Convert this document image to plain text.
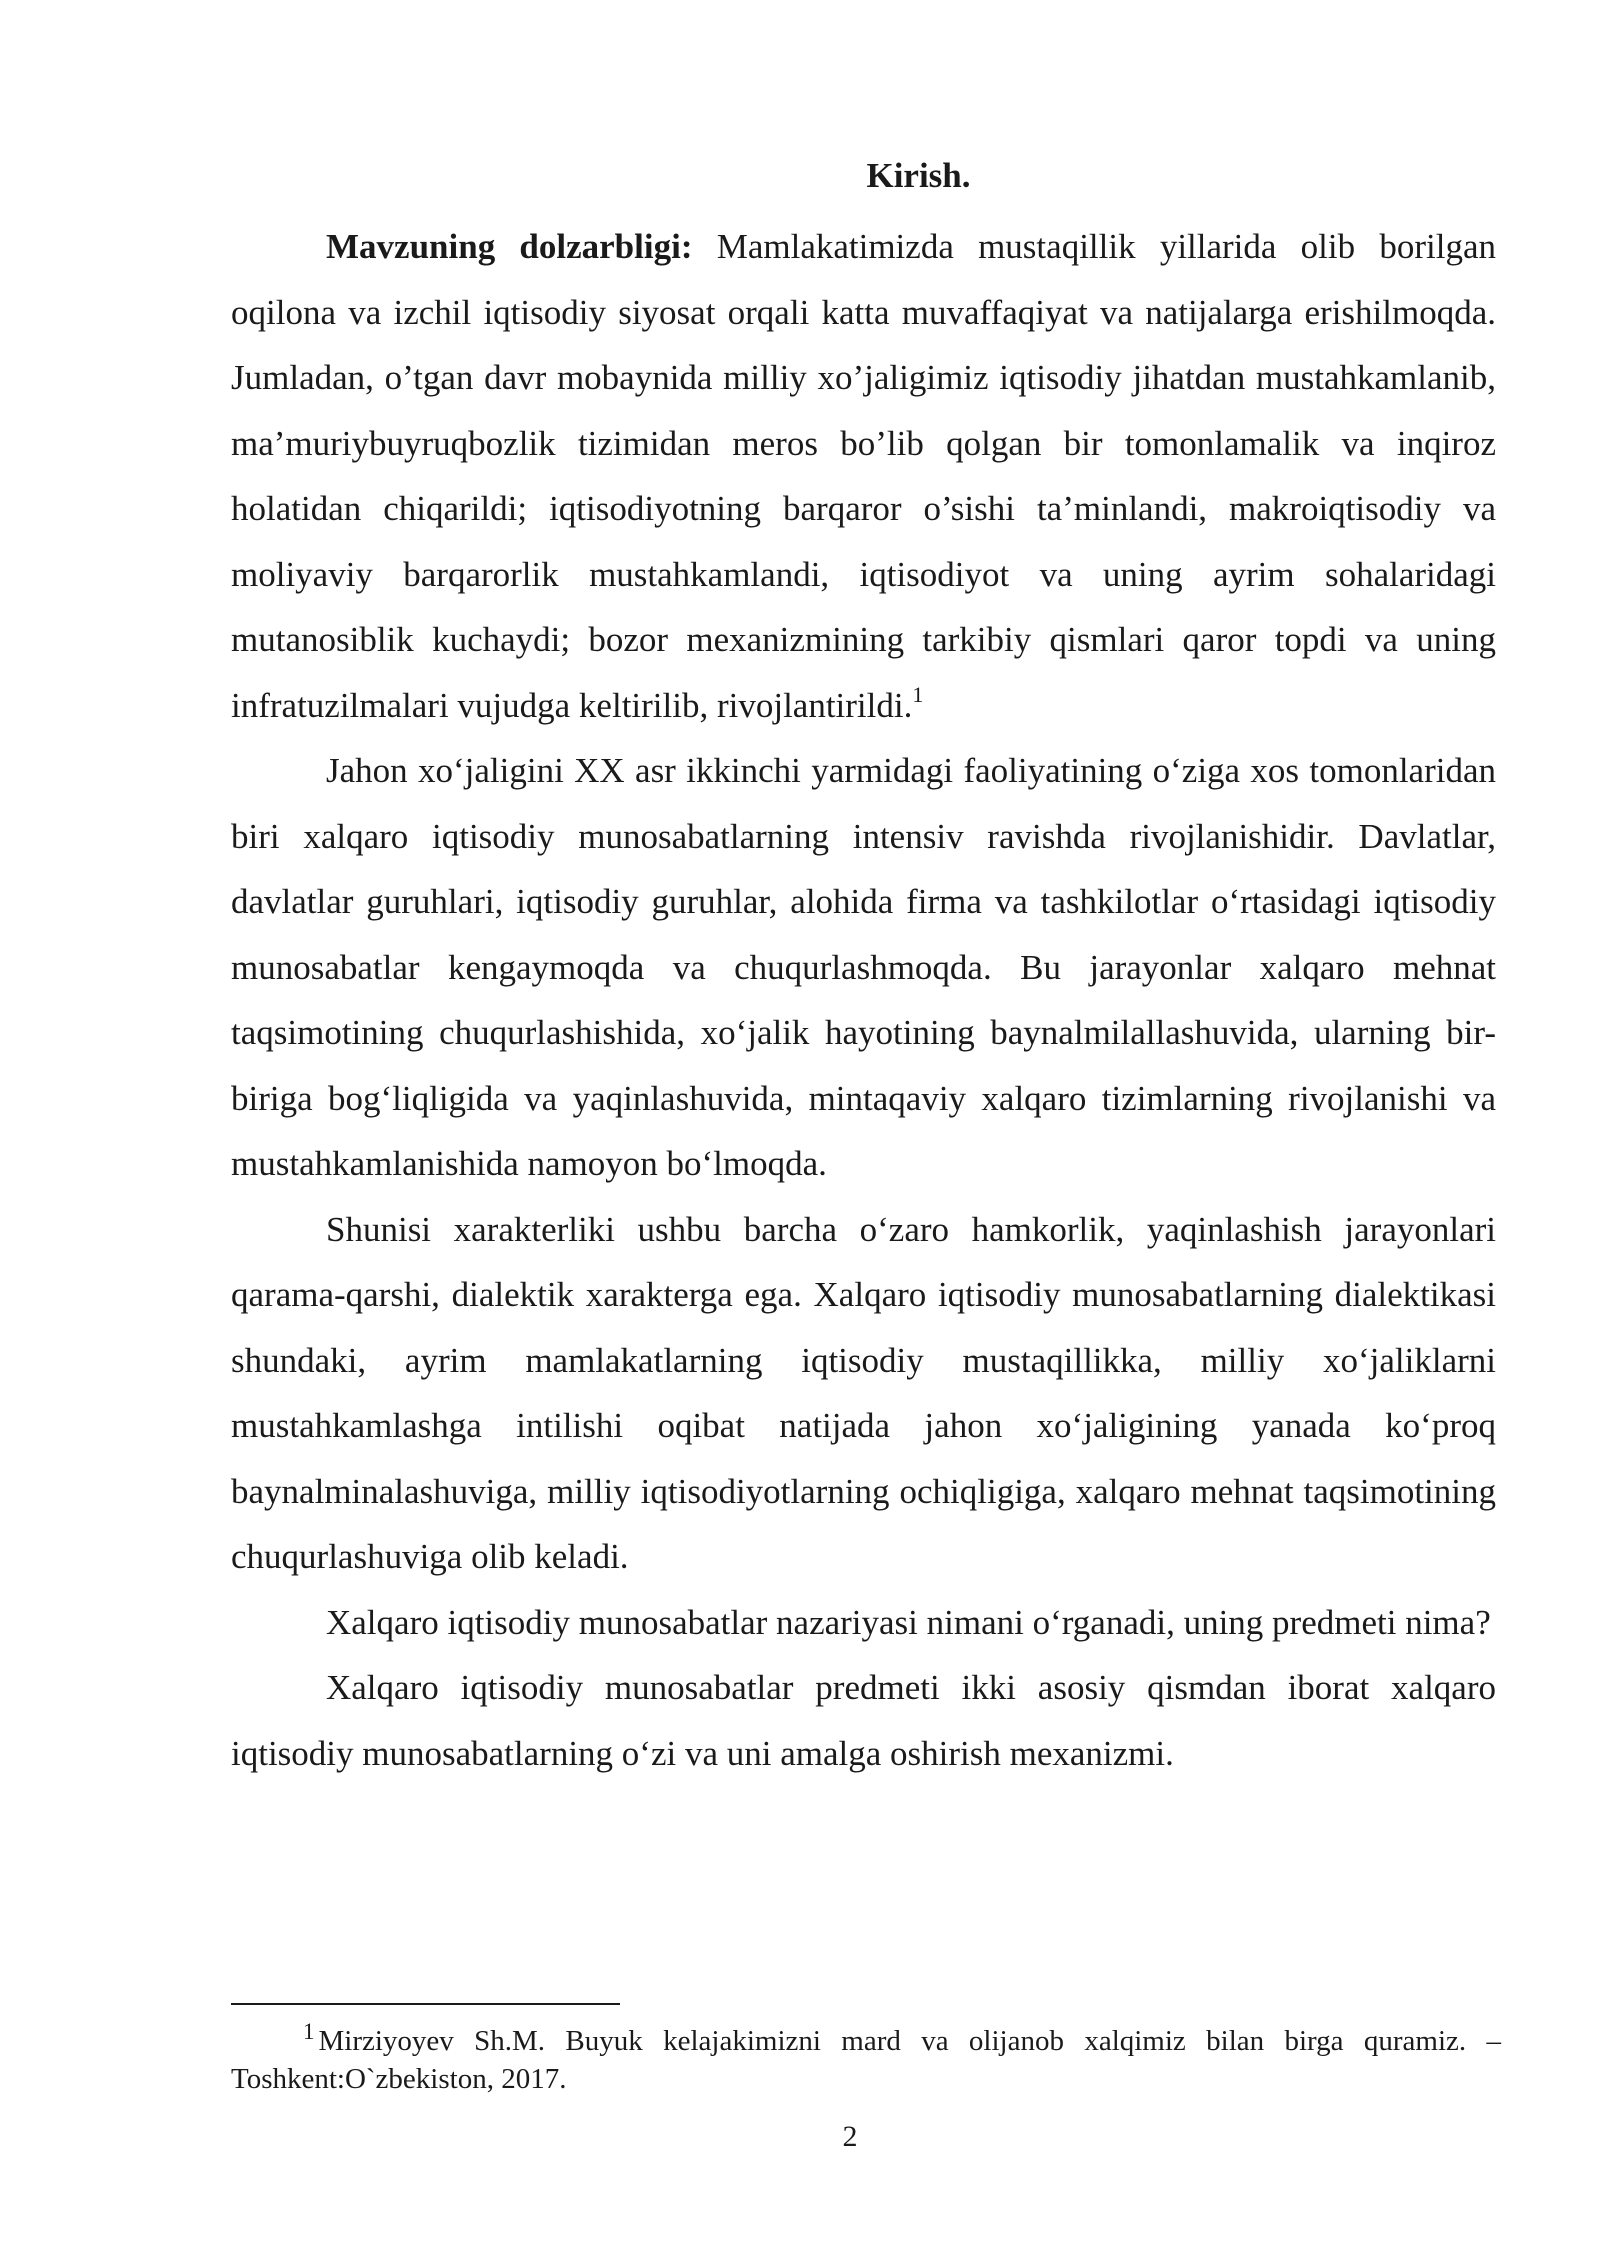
Kirish.

Mavzuning dolzarbligi: Mamlakatimizda mustaqillik yillarida olib borilgan oqilona va izchil iqtisodiy siyosat orqali katta muvaffaqiyat va natijalarga erishilmoqda. Jumladan, o’tgan davr mobaynida milliy xo’jaligimiz iqtisodiy jihatdan mustahkamlanib, ma’muriybuyruqbozlik tizimidan meros bo’lib qolgan bir tomonlamalik va inqiroz holatidan chiqarildi; iqtisodiyotning barqaror o’sishi ta’minlandi, makroiqtisodiy va moliyaviy barqarorlik mustahkamlandi, iqtisodiyot va uning ayrim sohalaridagi mutanosiblik kuchaydi; bozor mexanizmining tarkibiy qismlari qaror topdi va uning infratuzilmalari vujudga keltirilib, rivojlantirildi.$^1$

Jahon xo‘jaligini XX asr ikkinchi yarmidagi faoliyatining o‘ziga xos tomonlaridan biri xalqaro iqtisodiy munosabatlarning intensiv ravishda rivojlanishidir. Davlatlar, davlatlar guruhlari, iqtisodiy guruhlar, alohida firma va tashkilotlar o‘rtasidagi iqtisodiy munosabatlar kengaymoqda va chuqurlashmoqda. Bu jarayonlar xalqaro mehnat taqsimotining chuqurlashishida, xo‘jalik hayotining baynalmilallashuvida, ularning bir-biriga bog‘liqligida va yaqinlashuvida, mintaqaviy xalqaro tizimlarning rivojlanishi va mustahkamlanishida namoyon bo‘lmoqda.

Shunisi xarakterliki ushbu barcha o‘zaro hamkorlik, yaqinlashish jarayonlari qarama-qarshi, dialektik xarakterga ega. Xalqaro iqtisodiy munosabatlarning dialektikasi shundaki, ayrim mamlakatlarning iqtisodiy mustaqillikka, milliy xo‘jaliklarni mustahkamlashga intilishi oqibat natijada jahon xo‘jaligining yanada ko‘proq baynalminalashuviga, milliy iqtisodiyotlarning ochiqligiga, xalqaro mehnat taqsimotining chuqurlashuviga olib keladi.

Xalqaro iqtisodiy munosabatlar nazariyasi nimani o‘rganadi, uning predmeti nima?

Xalqaro iqtisodiy munosabatlar predmeti ikki asosiy qismdan iborat xalqaro iqtisodiy munosabatlarning o‘zi va uni amalga oshirish mexanizmi.

$^1$ Mirziyoyev Sh.M. Buyuk kelajakimizni mard va olijanob xalqimiz bilan birga quramiz. – Toshkent:O`zbekiston, 2017.
2
